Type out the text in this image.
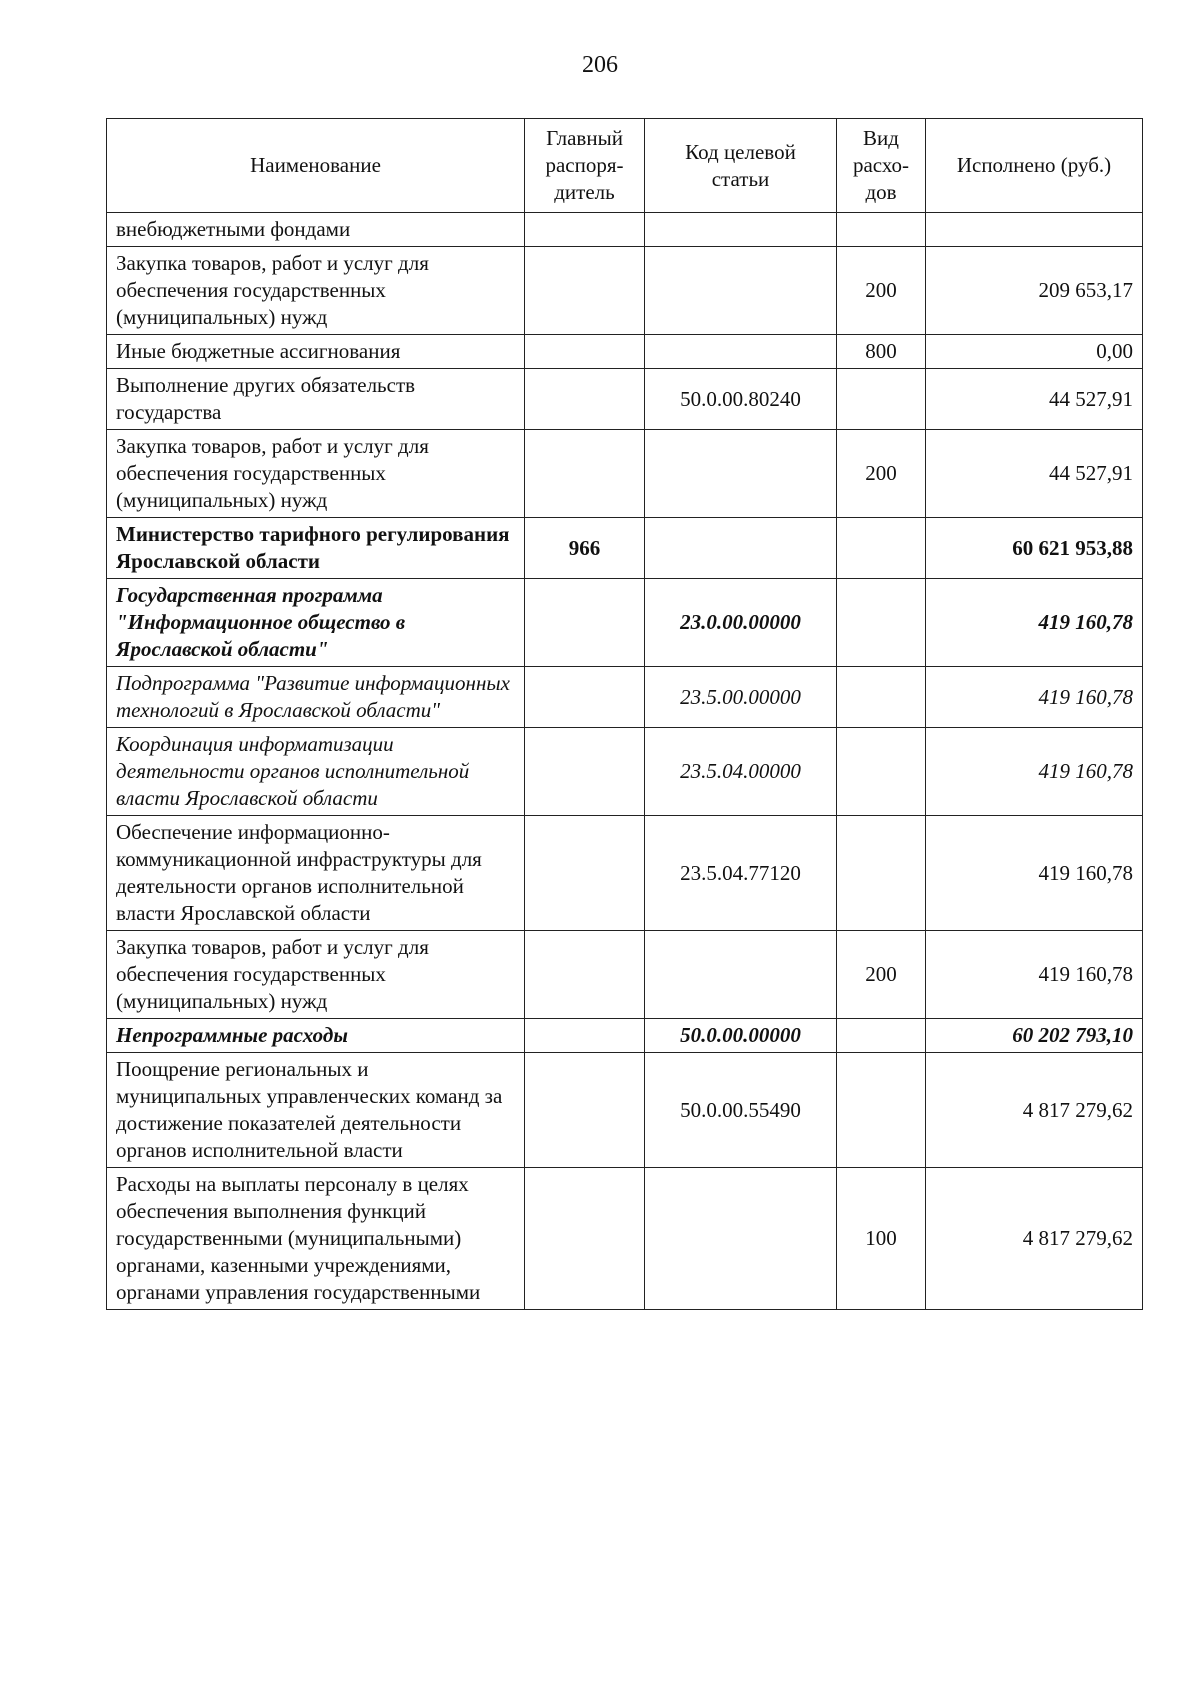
206
Наименование	Главный распоря-дитель	Код целевой статьи	Вид расхо-дов	Исполнено (руб.)
внебюджетными фондами				
Закупка товаров, работ и услуг для обеспечения государственных (муниципальных) нужд			200	209 653,17
Иные бюджетные ассигнования			800	0,00
Выполнение других обязательств государства		50.0.00.80240		44 527,91
Закупка товаров, работ и услуг для обеспечения государственных (муниципальных) нужд			200	44 527,91
Министерство тарифного регулирования Ярославской области	966			60 621 953,88
Государственная программа "Информационное общество в Ярославской области"		23.0.00.00000		419 160,78
Подпрограмма "Развитие информационных технологий в Ярославской области"		23.5.00.00000		419 160,78
Координация информатизации деятельности органов исполнительной власти Ярославской области		23.5.04.00000		419 160,78
Обеспечение информационно-коммуникационной инфраструктуры для деятельности органов исполнительной власти Ярославской области		23.5.04.77120		419 160,78
Закупка товаров, работ и услуг для обеспечения государственных (муниципальных) нужд			200	419 160,78
Непрограммные расходы		50.0.00.00000		60 202 793,10
Поощрение региональных и муниципальных управленческих команд за достижение показателей деятельности органов исполнительной власти		50.0.00.55490		4 817 279,62
Расходы на выплаты персоналу в целях обеспечения выполнения функций государственными (муниципальными) органами, казенными учреждениями, органами управления государственными			100	4 817 279,62
